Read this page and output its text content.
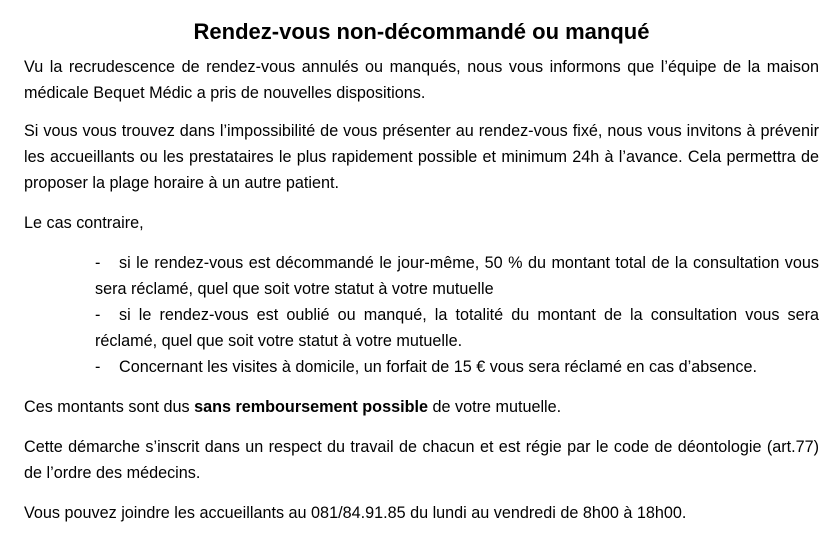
Rendez-vous non-décommandé ou manqué

Vu la recrudescence de rendez-vous annulés ou manqués, nous vous informons que l’équipe de la maison médicale Bequet Médic a pris de nouvelles dispositions.

Si vous vous trouvez dans l’impossibilité de vous présenter au rendez-vous fixé, nous vous invitons à prévenir les accueillants ou les prestataires le plus rapidement possible et minimum 24h à l’avance. Cela permettra de proposer la plage horaire à un autre patient.

Le cas contraire,

- si le rendez-vous est décommandé le jour-même, 50 % du montant total de la consultation vous sera réclamé, quel que soit votre statut à votre mutuelle
- si le rendez-vous est oublié ou manqué, la totalité du montant de la consultation vous sera réclamé, quel que soit votre statut à votre mutuelle.
- Concernant les visites à domicile, un forfait de 15 € vous sera réclamé en cas d’absence.

Ces montants sont dus sans remboursement possible de votre mutuelle.

Cette démarche s’inscrit dans un respect du travail de chacun et est régie par le code de déontologie (art.77) de l’ordre des médecins.

Vous pouvez joindre les accueillants au 081/84.91.85 du lundi au vendredi de 8h00 à 18h00.
